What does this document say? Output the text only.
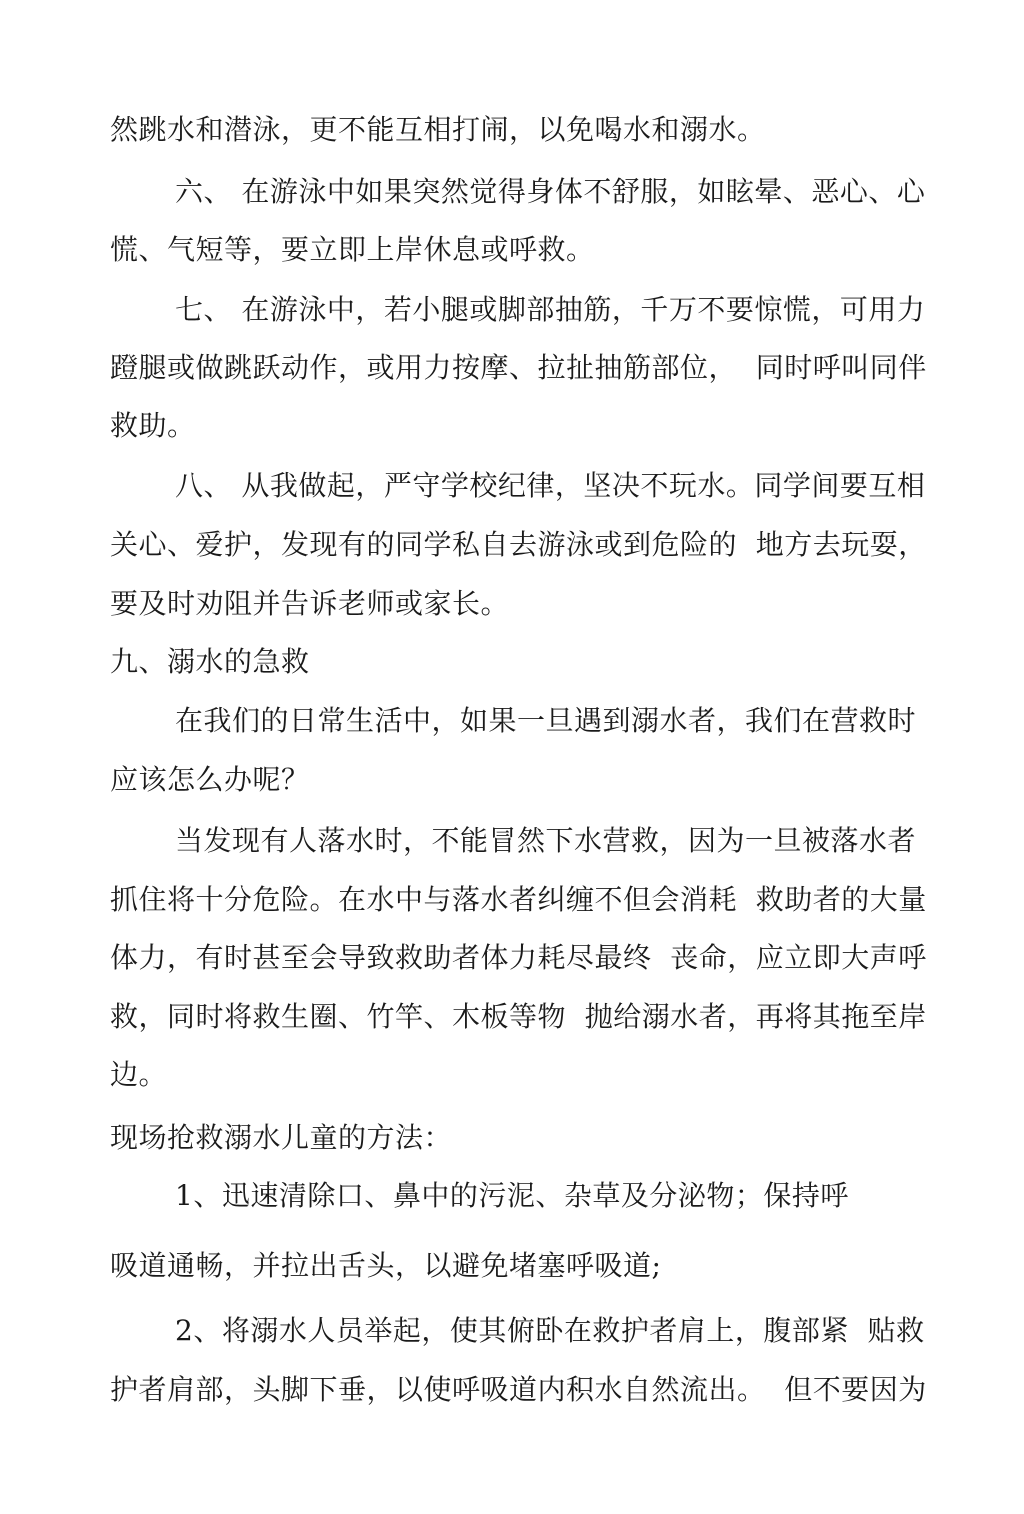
然跳水和潜泳，更不能互相打闹，以免喝水和溺水。

六、 在游泳中如果突然觉得身体不舒服，如眩晕、恶心、心

慌、气短等，要立即上岸休息或呼救。

七、 在游泳中，若小腿或脚部抽筋，千万不要惊慌，可用力

蹬腿或做跳跃动作，或用力按摩、拉扯抽筋部位，  同时呼叫同伴

救助。

八、 从我做起，严守学校纪律，坚决不玩水。同学间要互相

关心、爱护，发现有的同学私自去游泳或到危险的  地方去玩耍，

要及时劝阻并告诉老师或家长。

九、溺水的急救

在我们的日常生活中，如果一旦遇到溺水者，我们在营救时

应该怎么办呢？

当发现有人落水时，不能冒然下水营救，因为一旦被落水者

抓住将十分危险。在水中与落水者纠缠不但会消耗  救助者的大量

体力，有时甚至会导致救助者体力耗尽最终  丧命，应立即大声呼

救，同时将救生圈、竹竿、木板等物  抛给溺水者，再将其拖至岸

边。

现场抢救溺水儿童的方法：

1、迅速清除口、鼻中的污泥、杂草及分泌物；保持呼

吸道通畅，并拉出舌头，以避免堵塞呼吸道;

2、将溺水人员举起，使其俯卧在救护者肩上，腹部紧  贴救

护者肩部，头脚下垂，以使呼吸道内积水自然流出。  但不要因为
